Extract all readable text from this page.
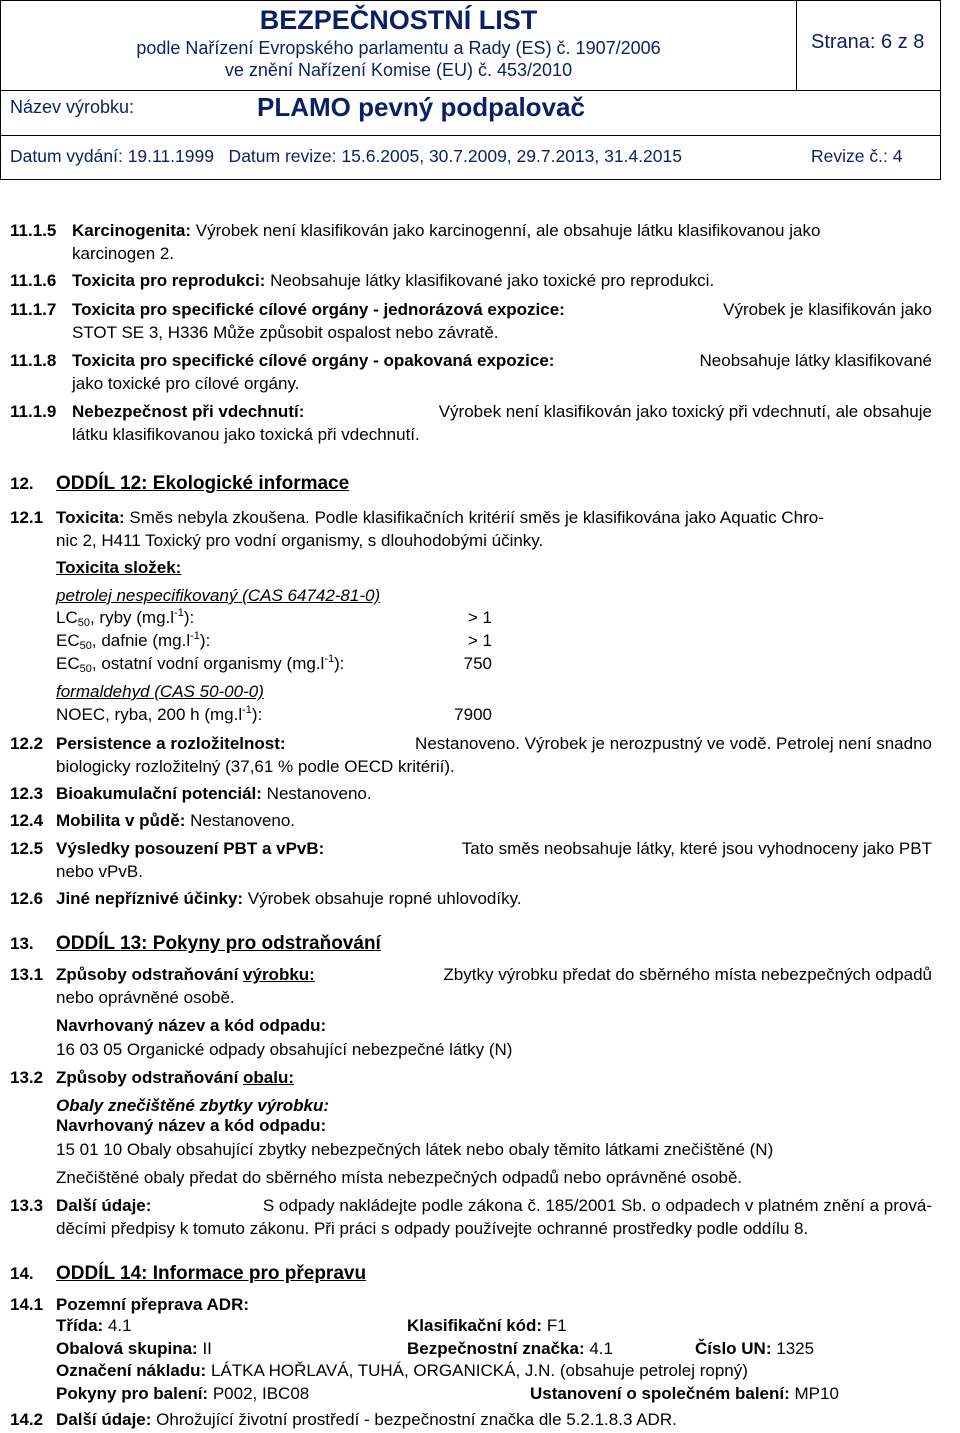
BEZPEČNOSTNÍ LIST
podle Nařízení Evropského parlamentu a Rady (ES) č. 1907/2006
ve znění Nařízení Komise (EU) č. 453/2010
Strana: 6 z 8
Název výrobku:	PLAMO pevný podpalovač
Datum vydání: 19.11.1999   Datum revize: 15.6.2005, 30.7.2009, 29.7.2013, 31.4.2015	Revize č.: 4
11.1.5 Karcinogenita: Výrobek není klasifikován jako karcinogenní, ale obsahuje látku klasifikovanou jako
karcinogen 2.
11.1.6 Toxicita pro reprodukci: Neobsahuje látky klasifikované jako toxické pro reprodukci.
11.1.7 Toxicita pro specifické cílové orgány - jednorázová expozice:	Výrobek je klasifikován jako
STOT SE 3, H336 Může způsobit ospalost nebo závratě.
11.1.8 Toxicita pro specifické cílové orgány - opakovaná expozice:	Neobsahuje látky klasifikované
jako toxické pro cílové orgány.
11.1.9 Nebezpečnost při vdechnutí:	Výrobek není klasifikován jako toxický při vdechnutí, ale obsahuje
látku klasifikovanou jako toxická při vdechnutí.
12. ODDÍL 12: Ekologické informace
12.1 Toxicita: Směs nebyla zkoušena. Podle klasifikačních kritérií směs je klasifikována jako Aquatic Chro-
nic 2, H411 Toxický pro vodní organismy, s dlouhodobými účinky.
Toxicita složek:
petrolej nespecifikovaný (CAS 64742-81-0)
$LC_{50}$, ryby $(mg.l^{-1})$:	> 1
$EC_{50}$, dafnie $(mg.l^{-1})$:	> 1
$EC_{50}$, ostatní vodní organismy $(mg.l^{-1})$:	750
formaldehyd (CAS 50-00-0)
NOEC, ryba, 200 h $(mg.l^{-1})$:	7900
12.2 Persistence a rozložitelnost:	Nestanoveno. Výrobek je nerozpustný ve vodě. Petrolej není snadno
biologicky rozložitelný (37,61 % podle OECD kritérií).
12.3 Bioakumulační potenciál: Nestanoveno.
12.4 Mobilita v půdě: Nestanoveno.
12.5 Výsledky posouzení PBT a vPvB:	Tato směs neobsahuje látky, které jsou vyhodnoceny jako PBT
nebo vPvB.
12.6 Jiné nepříznivé účinky: Výrobek obsahuje ropné uhlovodíky.
13. ODDÍL 13: Pokyny pro odstraňování
13.1 Způsoby odstraňování výrobku:	Zbytky výrobku předat do sběrného místa nebezpečných odpadů
nebo oprávněné osobě.
Navrhovaný název a kód odpadu:
16 03 05 Organické odpady obsahující nebezpečné látky (N)
13.2 Způsoby odstraňování obalu:
Obaly znečištěné zbytky výrobku:
Navrhovaný název a kód odpadu:
15 01 10 Obaly obsahující zbytky nebezpečných látek nebo obaly těmito látkami znečištěné (N)
Znečištěné obaly předat do sběrného místa nebezpečných odpadů nebo oprávněné osobě.
13.3 Další údaje:	S odpady nakládejte podle zákona č. 185/2001 Sb. o odpadech v platném znění a prová-
děcími předpisy k tomuto zákonu. Při práci s odpady používejte ochranné prostředky podle oddílu 8.
14. ODDÍL 14: Informace pro přepravu
14.1 Pozemní přeprava ADR:
Třída: 4.1	Klasifikační kód: F1
Obalová skupina: II	Bezpečnostní značka: 4.1	Číslo UN: 1325
Označení nákladu: LÁTKA HOŘLAVÁ, TUHÁ, ORGANICKÁ, J.N. (obsahuje petrolej ropný)
Pokyny pro balení: P002, IBC08	Ustanovení o společném balení: MP10
14.2 Další údaje: Ohrožující životní prostředí - bezpečnostní značka dle 5.2.1.8.3 ADR.
